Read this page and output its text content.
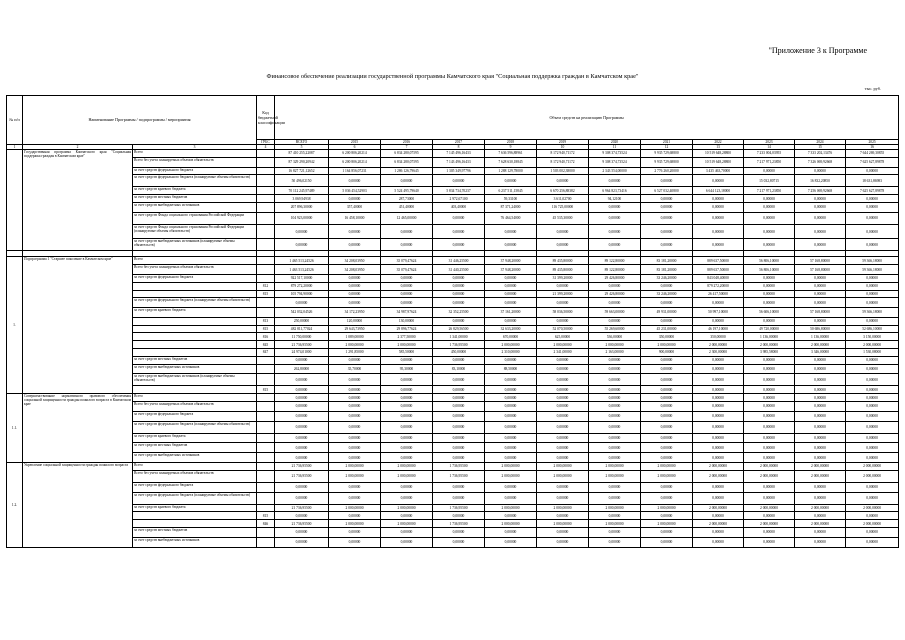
"Приложение 3 к Программе
Финансовое обеспечение реализации государственной программы Камчатского края "Социальная поддержка граждан в Камчатском крае"
тыс. руб.
№ п/п	Наименование Программы / подпрограммы / мероприятия		Код бюджетной классификации	Объем средств на реализацию Программы											
			ГРБС	ВСЕГО	2015	2016	2017	2018	2019	2020	2021	2022	2023	2024	2025
1	2	3	4	5	6	7	8	9	10	11	12	13	14	15	16
	Государственная программа Камчатского края "Социальная поддержка граждан в Камчатском крае"	Всего		87 410 255,22087	6 200 806,20214	6 834 280,07595	7 145 496,16433	7 636 596,88961	8 172 940,71172	9 308 374,73524	9 935 729,68800	10 519 648,28800	7 233 004,03955	7 333 202,13476	7 644 269,30855
		Всего без учета планируемых объемов обязательств		87 329 290,20942	6 200 806,20214	6 834 280,07595	7 143 496,16433	7 628 630,18845	8 172 940,71172	9 308 374,73524	9 935 729,68800	10 519 648,28800	7 217 971,23850	7 326 069,92668	7 625 627,89878
		за счет средств федерального бюджета		16 827 721,12652	1 164 856,07231	1 286 126,79645	1 305 349,97796	1 288 129,78000	1 503 002,38000	2 343 554,00000	2 776 260,20000	3 435 463,70000	0,00000	0,00000	0,00000
		за счет средств федерального бюджета (планируемые объемы обязательств)		50 496,02150	0,00000	0,00000	0,00000	0,00000	0,00000	0,00000	0,00000	0,00000	15 032,80715	16 832,20850	18 631,86983
		за счет средств краевого бюджета		70 112 245,97489	5 036 454,52903	5 524 495,79640	5 834 734,70237	6 237 511,15845	6 670 256,88382	6 964 823,73416	6 527 032,40800	6 644 123,18000	7 217 971,23850	7 256 069,92668	7 625 627,89878
		за счет средств местных бюджетов		3 069,94938	0,00000	287,73000	2 972,67100	59,33100	3 611,02700	94,12100	0,00000	0,00000	0,00000	0,00000	0,00000
		за счет средств внебюджетных источников		207 896,30000	357,40000	451,40000	403,40000	87 371,24000	116 725,00000	0,00000	0,00000	0,00000	0,00000	0,00000	0,00000
		за счет средств Фонда социального страхования Российской Федерации		104 923,00000	16 458,10000	12 465,00000	0,00000	76 464,54000	45 535,30000	0,00000	0,00000	0,00000	0,00000	0,00000	0,00000
		за счет средств Фонда социального страхования Российской Федерации (планируемые объемы обязательств)		0,00000	0,00000	0,00000	0,00000	0,00000	0,00000	0,00000	0,00000	0,00000	0,00000	0,00000	0,00000
		за счет средств внебюджетных источников (планируемые объемы обязательств)		0,00000	0,00000	0,00000	0,00000	0,00000	0,00000	0,00000	0,00000	0,00000	0,00000	0,00000	0,00000

1.	Подпрограмма 1 "Старшее поколение в Камчатском крае"	Всего		1 465 513,24526	34 208,03950	35 079,47624	31 446,25500	37 948,20000	89 435,80000	89 122,80000	83 181,20000	889 637,50000	56 806,10000	57 168,80000	59 366,18000
		Всего без учета планируемых объемов обязательств		1 463 513,24526	34 208,03950	35 079,47624	31 440,25500	37 948,20000	89 435,80000	89 122,80000	83 181,20000	889 637,50000	56 806,10000	57 168,80000	59 366,18000
		за счет средств федерального бюджета		922 517,10000	0,00000	0,00000	0,00000	0,00000	31 399,20000	29 426,80000	33 246,20000	843 048,40000	0,00000	0,00000	0,00000
			812	879 272,20000	0,00000	0,00000	0,00000	0,00000	0,00000	0,00000	0,00000	879 272,20000	0,00000	0,00000	0,00000
			815	105 794,90000	0,00000	0,00000	0,00000	0,00000	21 399,20000	29 426,80000	33 246,20000	26 417,50000	0,00000	0,00000	0,00000
		за счет средств федерального бюджета (планируемые объемы обязательств)		0,00000	0,00000	0,00000	0,00000	0,00000	0,00000	0,00000	0,00000	0,00000	0,00000	0,00000	0,00000
		за счет средств краевого бюджета		542 032,04526	34 172,23950	34 987,97624	32 352,25500	37 161,20000	58 036,50000	59 663,00000	49 931,00000	50 997,10000	56 606,10000	57 168,80000	59 366,18000
			813	250,00000	120,00000	130,00000	0,00000	0,00000	0,00000	0,00000	0,00000	0,00000	0,00000	0,00000	0,00000
			815	482 811,77024	29 643,73950	29 896,77624	26 829,56500	32 633,20000	52 070,50000	55 269,60000	45 231,00000	46 197,10000	49 720,00000	50 686,80000	52 686,10000
			816	11 750,00000	1 089,00000	2 377,50000	1 341,00000	670,00000	625,00000	536,00000	350,00000	350,00000	1 136,00000	1 136,00000	3 150,00000
			845	21 736,95500	2 000,00000	2 000,00000	1 736,95500	2 000,00000	2 000,00000	2 000,00000	2 000,00000	2 000,00000	2 000,00000	2 000,00000	2 000,00000
			847	24 974,01000	1 291,85000	585,50000	450,00000	2 310,00000	2 341,00000	2 163,00000	900,00000	2 300,00000	3 985,58000	3 346,00000	1 530,08000
		за счет средств местных бюджетов		0,00000	0,00000	0,00000	0,00000	0,00000	0,00000	0,00000	0,00000	0,00000	0,00000	0,00000	0,00000
		за счет средств внебюджетных источников		262,80000	35,70000	95,30000	83,10000	88,50000	0,00000	0,00000	0,00000	0,00000	0,00000	0,00000	0,00000
		за счет средств внебюджетных источников (планируемые объемы обязательств)		0,00000	0,00000	0,00000	0,00000	0,00000	0,00000	0,00000	0,00000	0,00000	0,00000	0,00000	0,00000
			815	0,00000	0,00000	0,00000	0,00000	0,00000	0,00000	0,00000	0,00000	0,00000	0,00000	0,00000	0,00000
1.1.	Совершенствование нормативного правового обеспечения социальной защищенности граждан пожилого возраста в Камчатском крае	Всего		0,00000	0,00000	0,00000	0,00000	0,00000	0,00000	0,00000	0,00000	0,00000	0,00000	0,00000	0,00000
		Всего без учета планируемых объемов обязательств		0,00000	0,00000	0,00000	0,00000	0,00000	0,00000	0,00000	0,00000	0,00000	0,00000	0,00000	0,00000
		за счет средств федерального бюджета		0,00000	0,00000	0,00000	0,00000	0,00000	0,00000	0,00000	0,00000	0,00000	0,00000	0,00000	0,00000
		за счет средств федерального бюджета (планируемые объемы обязательств)		0,00000	0,00000	0,00000	0,00000	0,00000	0,00000	0,00000	0,00000	0,00000	0,00000	0,00000	0,00000
		за счет средств краевого бюджета		0,00000	0,00000	0,00000	0,00000	0,00000	0,00000	0,00000	0,00000	0,00000	0,00000	0,00000	0,00000
		за счет средств местных бюджетов		0,00000	0,00000	0,00000	0,00000	0,00000	0,00000	0,00000	0,00000	0,00000	0,00000	0,00000	0,00000
		за счет средств внебюджетных источников		0,00000	0,00000	0,00000	0,00000	0,00000	0,00000	0,00000	0,00000	0,00000	0,00000	0,00000	0,00000
1.2.	Укрепление социальной защищенности граждан пожилого возраста	Всего		21 736,95500	2 000,00000	2 000,00000	1 736,95500	2 000,00000	2 000,00000	2 000,00000	2 000,00000	2 000,00000	2 000,00000	2 000,00000	2 000,00000
		Всего без учета планируемых объемов обязательств		21 736,95500	2 000,00000	2 000,00000	1 736,95500	2 000,00000	2 000,00000	2 000,00000	2 000,00000	2 000,00000	2 000,00000	2 000,00000	2 000,00000
		за счет средств федерального бюджета		0,00000	0,00000	0,00000	0,00000	0,00000	0,00000	0,00000	0,00000	0,00000	0,00000	0,00000	0,00000
		за счет средств федерального бюджета (планируемые объемы обязательств)		0,00000	0,00000	0,00000	0,00000	0,00000	0,00000	0,00000	0,00000	0,00000	0,00000	0,00000	0,00000
		за счет средств краевого бюджета		21 736,95500	2 000,00000	2 000,00000	1 736,95500	2 000,00000	2 000,00000	2 000,00000	2 000,00000	2 000,00000	2 000,00000	2 000,00000	2 000,00000
			815	0,00000	0,00000	0,00000	0,00000	0,00000	0,00000	0,00000	0,00000	0,00000	0,00000	0,00000	0,00000
			846	21 736,95500	2 000,00000	2 000,00000	1 736,95500	2 000,00000	2 000,00000	2 000,00000	2 000,00000	2 000,00000	2 000,00000	2 000,00000	2 000,00000
		за счет средств местных бюджетов		0,00000	0,00000	0,00000	0,00000	0,00000	0,00000	0,00000	0,00000	0,00000	0,00000	0,00000	0,00000
		за счет средств внебюджетных источников		0,00000	0,00000	0,00000	0,00000	0,00000	0,00000	0,00000	0,00000	0,00000	0,00000	0,00000	0,00000
